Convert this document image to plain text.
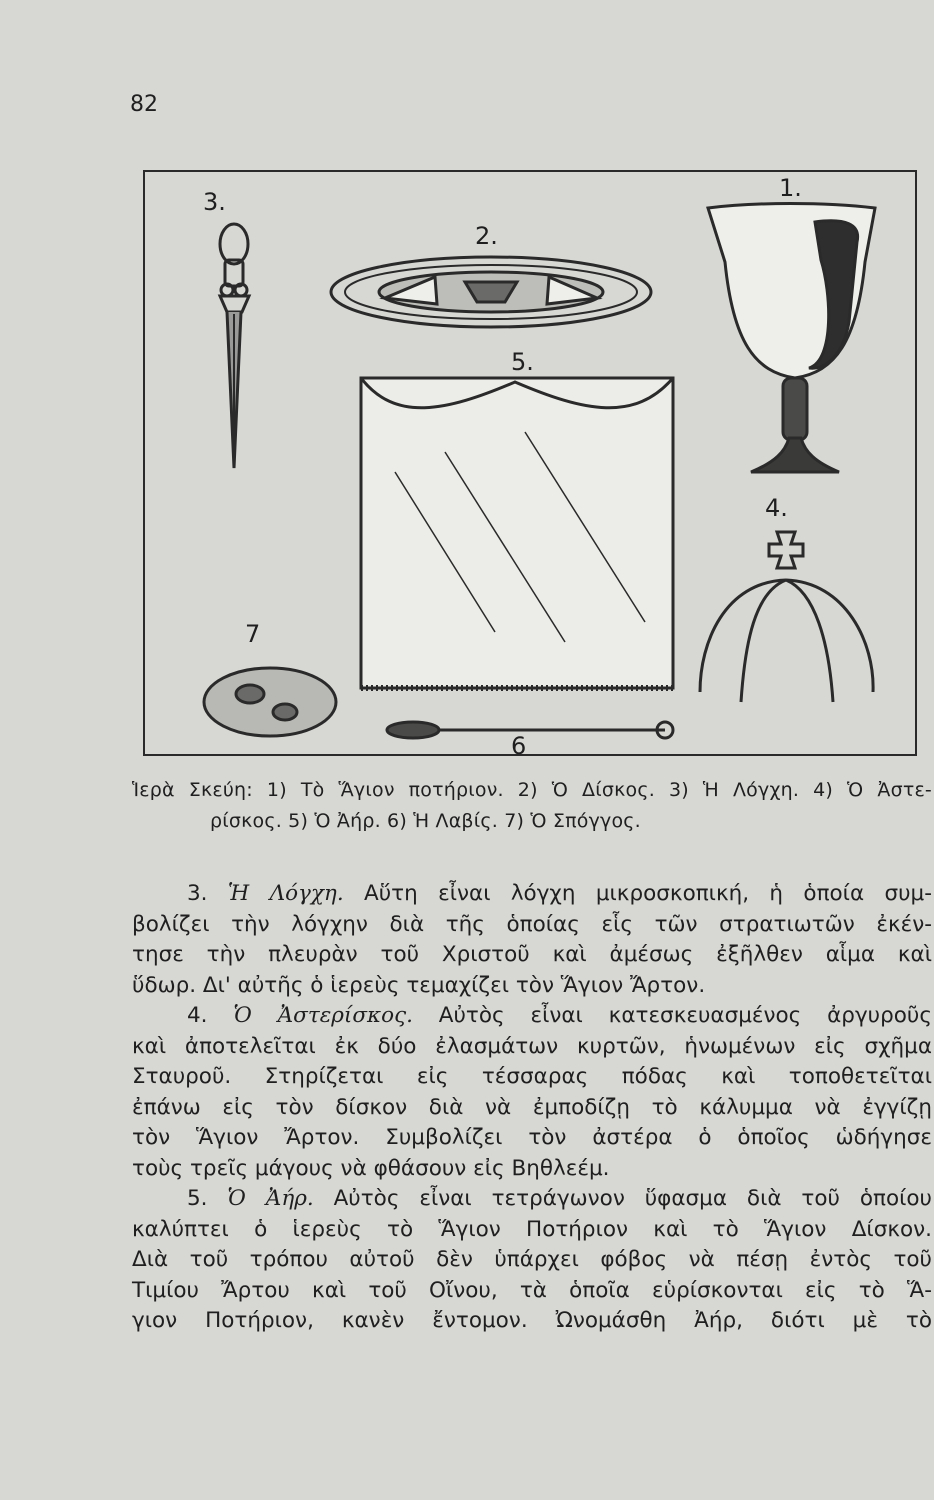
82
3.
2.
1.
5.
4.
7
6
Ἱερὰ Σκεύη: 1) Τὸ Ἅγιον ποτήριον. 2) Ὁ Δίσκος. 3) Ἡ Λόγχη. 4) Ὁ Ἀστε-
ρίσκος. 5) Ὁ Ἀήρ. 6) Ἡ Λαβίς. 7) Ὁ Σπόγγος.
3. Ἡ Λόγχη. Αὕτη εἶναι λόγχη μικροσκοπική, ἡ ὁποία συμ-
βολίζει τὴν λόγχην διὰ τῆς ὁποίας εἷς τῶν στρατιωτῶν ἐκέν-
τησε τὴν πλευρὰν τοῦ Χριστοῦ καὶ ἀμέσως ἐξῆλθεν αἷμα καὶ
ὕδωρ. Δι' αὐτῆς ὁ ἱερεὺς τεμαχίζει τὸν Ἅγιον Ἄρτον.
4. Ὁ Ἀστερίσκος. Αὐτὸς εἶναι κατεσκευασμένος ἀργυροῦς
καὶ ἀποτελεῖται ἐκ δύο ἐλασμάτων κυρτῶν, ἡνωμένων εἰς σχῆμα
Σταυροῦ. Στηρίζεται εἰς τέσσαρας πόδας καὶ τοποθετεῖται
ἐπάνω εἰς τὸν δίσκον διὰ νὰ ἐμποδίζῃ τὸ κάλυμμα νὰ ἐγγίζῃ
τὸν Ἅγιον Ἄρτον. Συμβολίζει τὸν ἀστέρα ὁ ὁποῖος ὡδήγησε
τοὺς τρεῖς μάγους νὰ φθάσουν εἰς Βηθλεέμ.
5. Ὁ Ἀήρ. Αὐτὸς εἶναι τετράγωνον ὕφασμα διὰ τοῦ ὁποίου
καλύπτει ὁ ἱερεὺς τὸ Ἅγιον Ποτήριον καὶ τὸ Ἅγιον Δίσκον.
Διὰ τοῦ τρόπου αὐτοῦ δὲν ὑπάρχει φόβος νὰ πέσῃ ἐντὸς τοῦ
Τιμίου Ἄρτου καὶ τοῦ Οἴνου, τὰ ὁποῖα εὑρίσκονται εἰς τὸ Ἅ-
γιον Ποτήριον, κανὲν ἔντομον. Ὠνομάσθη Ἀήρ, διότι μὲ τὸ
